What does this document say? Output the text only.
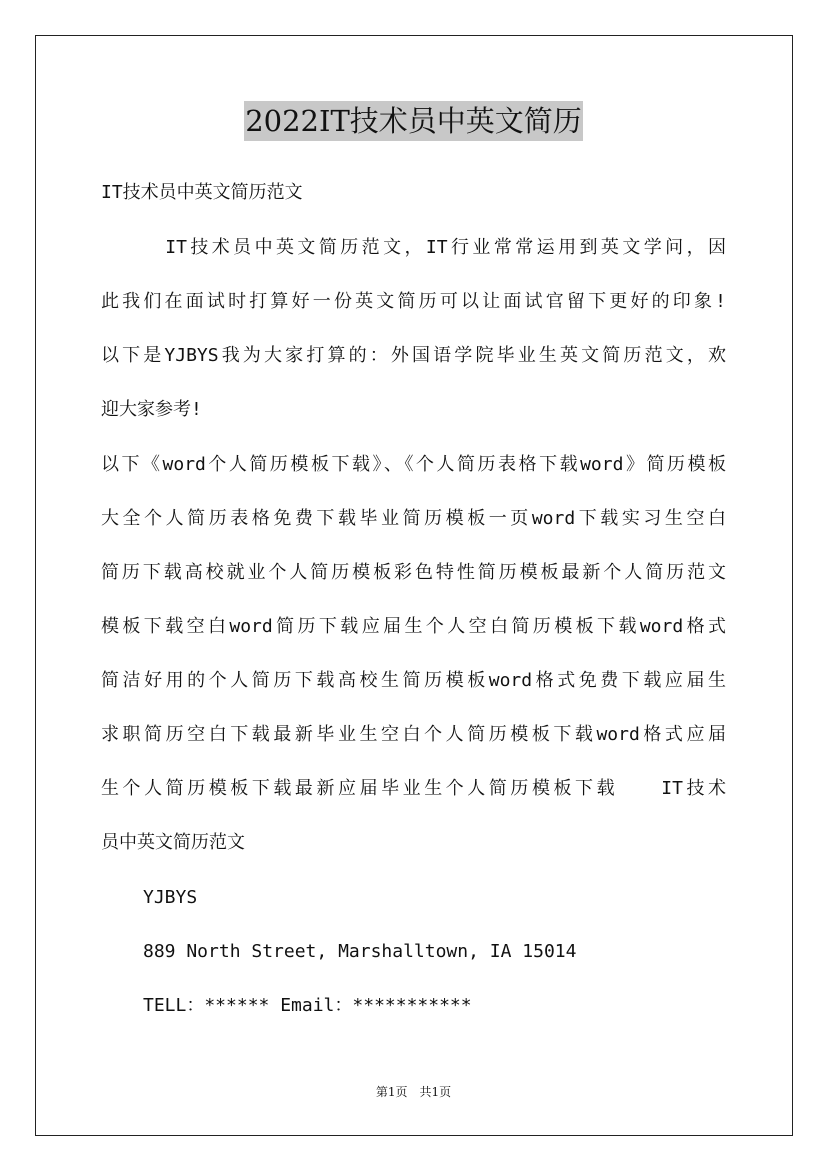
2022IT技术员中英文简历
IT技术员中英文简历范文
　　　IT技术员中英文简历范文，IT行业常常运用到英文学问，因
此我们在面试时打算好一份英文简历可以让面试官留下更好的印象!
以下是YJBYS我为大家打算的：外国语学院毕业生英文简历范文，欢
迎大家参考!
以下《word个人简历模板下载》、《个人简历表格下载word》简历模板
大全个人简历表格免费下载毕业简历模板一页word下载实习生空白
简历下载高校就业个人简历模板彩色特性简历模板最新个人简历范文
模板下载空白word简历下载应届生个人空白简历模板下载word格式
简洁好用的个人简历下载高校生简历模板word格式免费下载应届生
求职简历空白下载最新毕业生空白个人简历模板下载word格式应届
生个人简历模板下载最新应届毕业生个人简历模板下载　　IT技术
员中英文简历范文
YJBYS
889 North Street, Marshalltown, IA 15014
TELL：****** Email：***********
第1页　共1页
